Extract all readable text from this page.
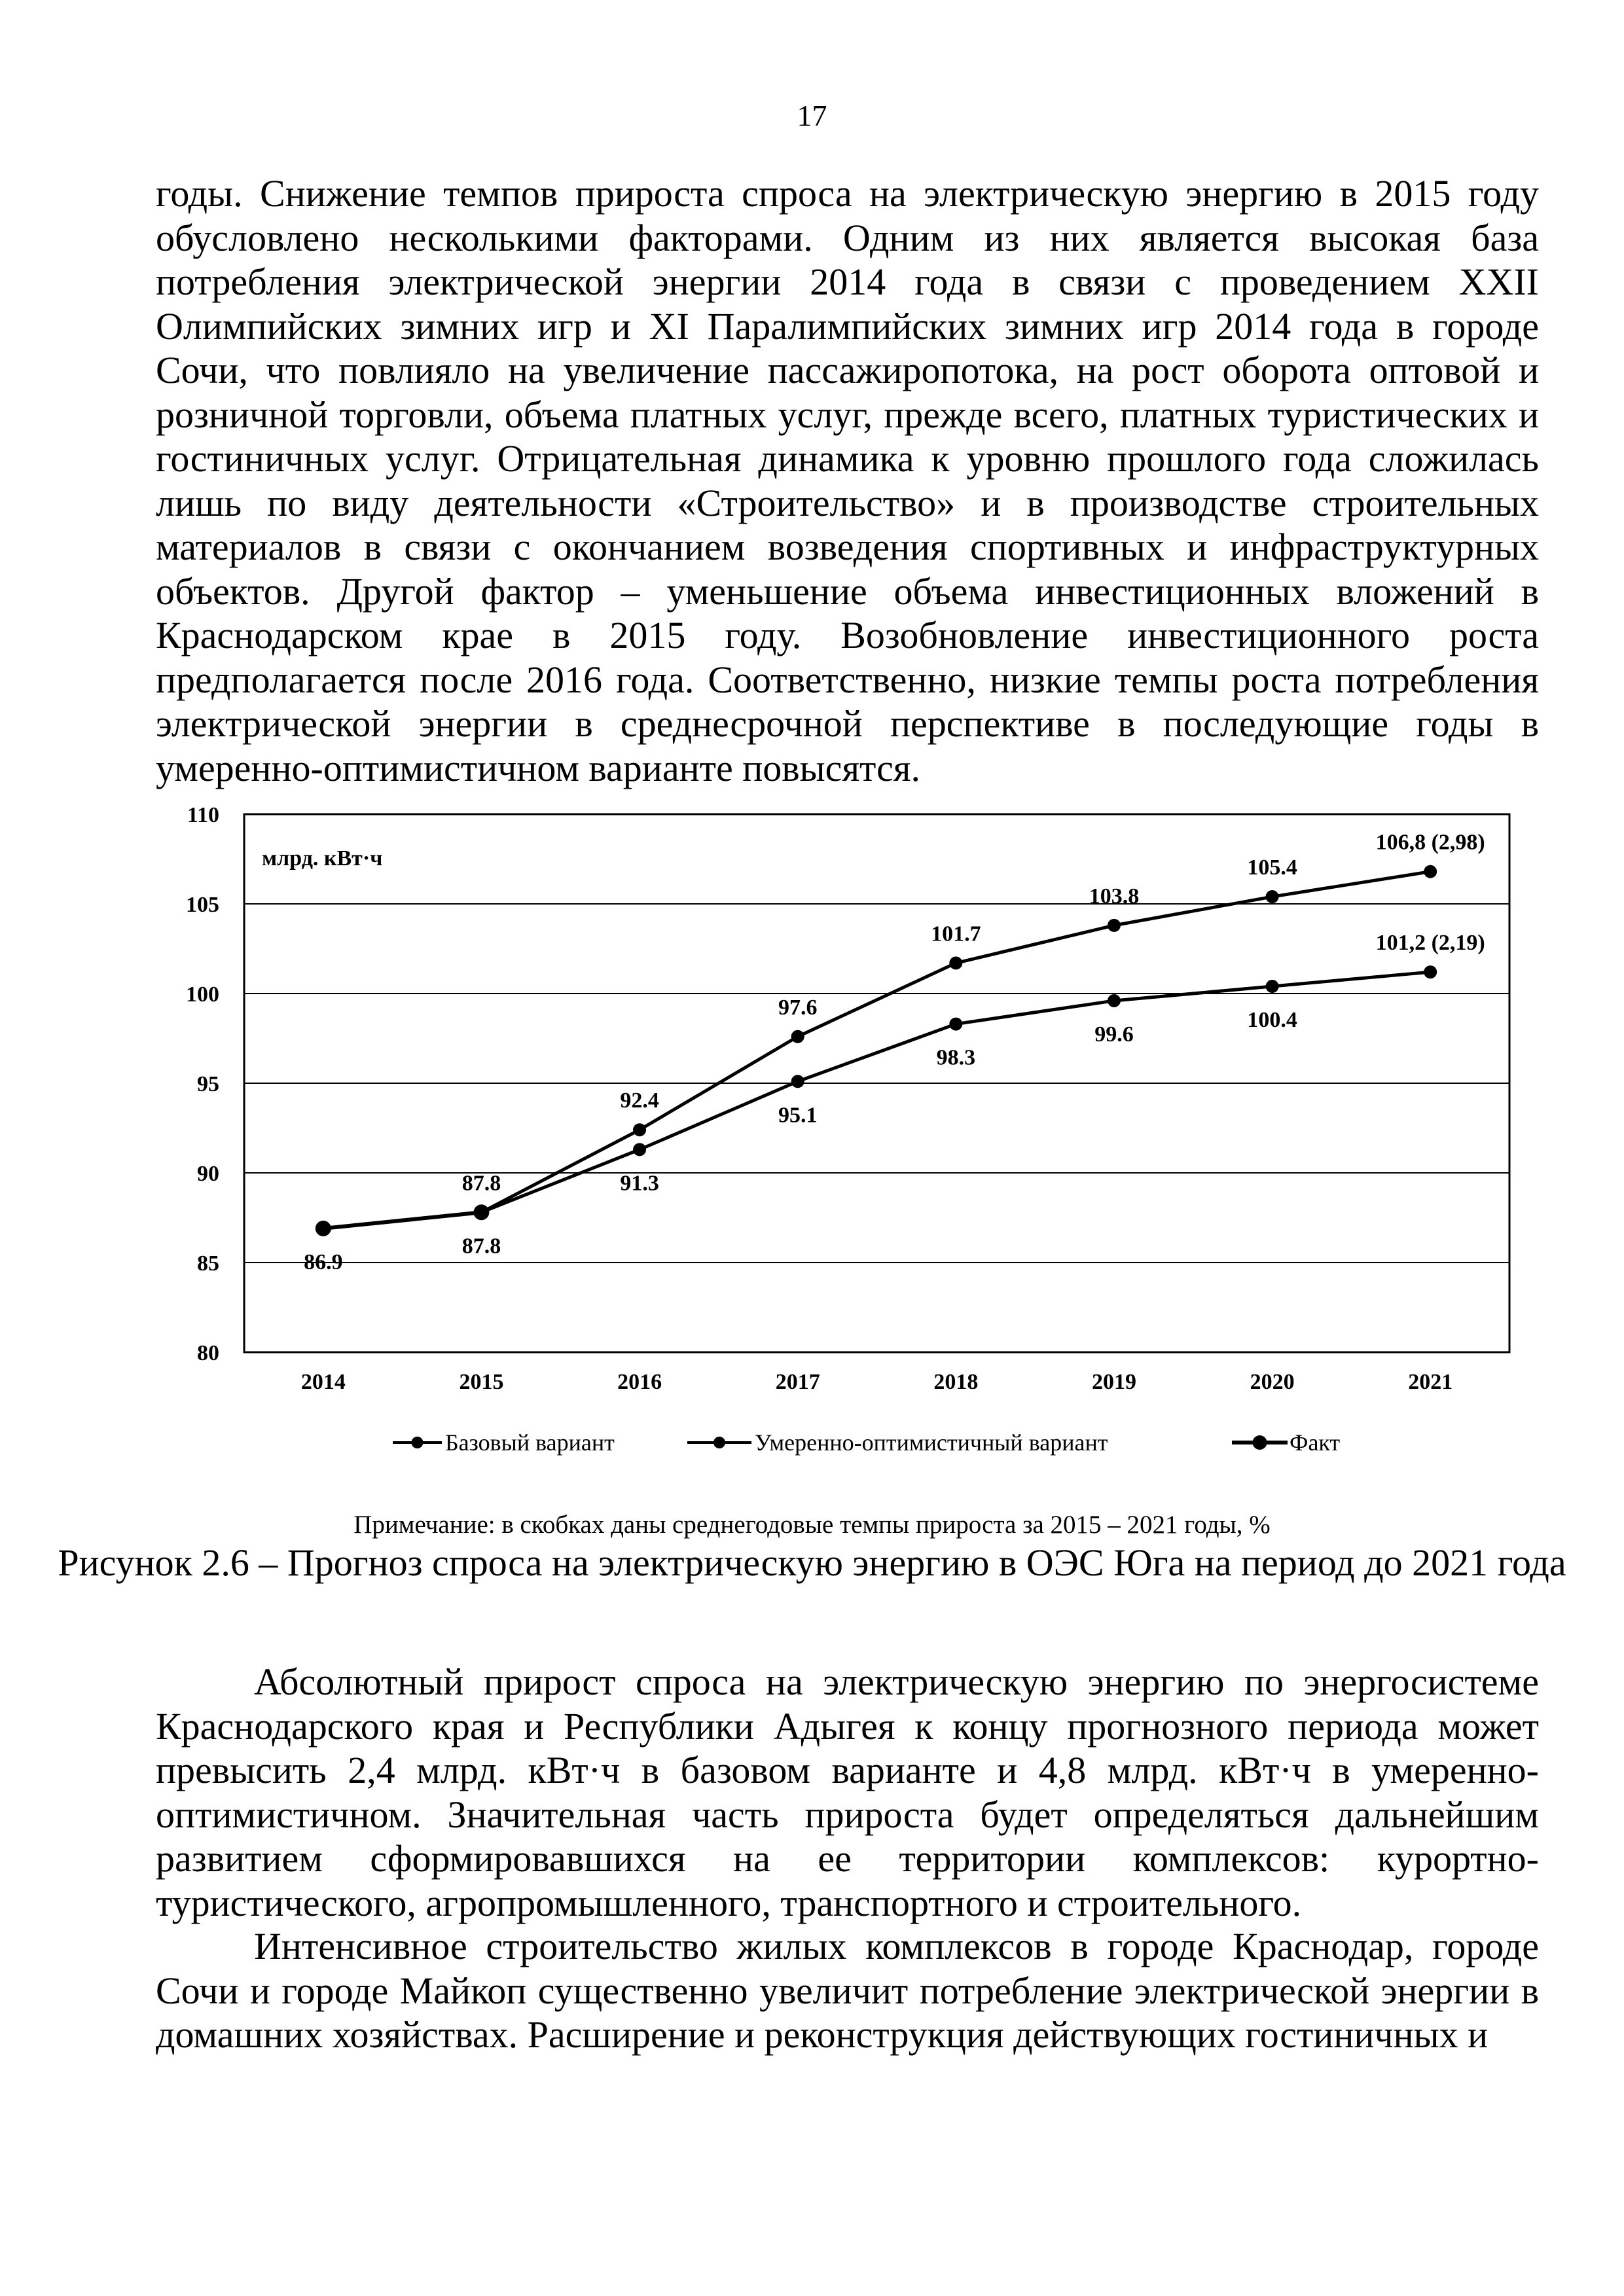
17

годы. Снижение темпов прироста спроса на электрическую энергию в 2015 году обусловлено несколькими факторами. Одним из них является высокая база потребления электрической энергии 2014 года в связи с проведением XXII Олимпийских зимних игр и XI Паралимпийских зимних игр 2014 года в городе Сочи, что повлияло на увеличение пассажиропотока, на рост оборота оптовой и розничной торговли, объема платных услуг, прежде всего, платных туристических и гостиничных услуг. Отрицательная динамика к уровню прошлого года сложилась лишь по виду деятельности «Строительство» и в производстве строительных материалов в связи с окончанием возведения спортивных и инфраструктурных объектов. Другой фактор – уменьшение объема инвестиционных вложений в Краснодарском крае в 2015 году. Возобновление инвестиционного роста предполагается после 2016 года. Соответственно, низкие темпы роста потребления электрической энергии в среднесрочной перспективе в последующие годы в умеренно-оптимистичном варианте повысятся.

80
85
90
95
100
105
110
2014	2015	2016	2017	2018	2019	2020	2021
млрд. кВт·ч
87.8
91.3
95.1
98.3
99.6
100.4
101,2 (2,19)
87.8
92.4
97.6
101.7
103.8
105.4
106,8 (2,98)
86.9
Базовый вариант	Умеренно-оптимистичный вариант	Факт
Примечание: в скобках даны среднегодовые темпы прироста за 2015 – 2021 годы, %
Рисунок 2.6 – Прогноз спроса на электрическую энергию в ОЭС Юга на период до 2021 года

Абсолютный прирост спроса на электрическую энергию по энергосистеме Краснодарского края и Республики Адыгея к концу прогнозного периода может превысить 2,4 млрд. кВт·ч в базовом варианте и 4,8 млрд. кВт·ч в умеренно-оптимистичном. Значительная часть прироста будет определяться дальнейшим развитием сформировавшихся на ее территории комплексов: курортно-туристического, агропромышленного, транспортного и строительного.

Интенсивное строительство жилых комплексов в городе Краснодар, городе Сочи и городе Майкоп существенно увеличит потребление электрической энергии в домашних хозяйствах. Расширение и реконструкция действующих гостиничных и
